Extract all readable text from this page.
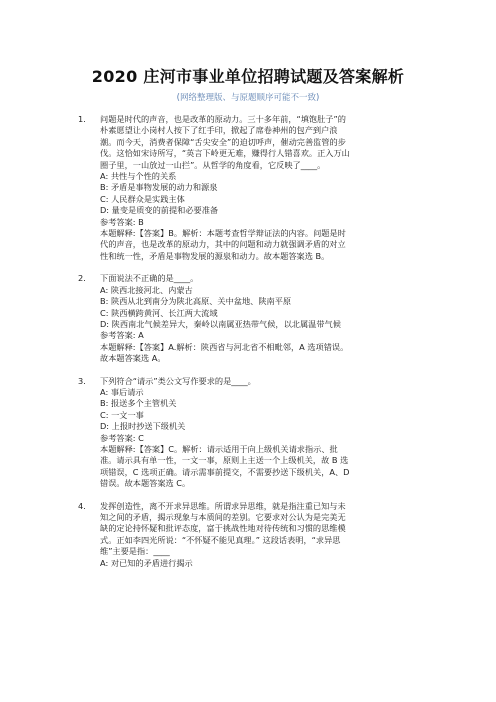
2020 庄河市事业单位招聘试题及答案解析
(网络整理版、与原题顺序可能不一致)
1. 问题是时代的声音，也是改革的原动力。三十多年前，“填饱肚子”的
朴素愿望让小岗村人按下了红手印，掀起了席卷神州的包产到户浪
潮。而今天，消费者保障“舌尖安全”的迫切呼声，催动完善监管的步
伐。这恰如宋诗所写，“英言下岭更无难，赚得行人错喜欢。正入万山
圈子里，一山放过一山拦”。从哲学的角度看，它反映了____。
A: 共性与个性的关系
B: 矛盾是事物发展的动力和源泉
C: 人民群众是实践主体
D: 量变是质变的前提和必要准备
参考答案: B
本题解释:【答案】B。解析：本题考查哲学辩证法的内容。问题是时
代的声音，也是改革的原动力，其中的问题和动力就强调矛盾的对立
性和统一性，矛盾是事物发展的源泉和动力。故本题答案选 B。
2. 下面说法不正确的是____。
A: 陕西北接河北、内蒙古
B: 陕西从北到南分为陕北高原、关中盆地、陕南平原
C: 陕西横跨黄河、长江两大流域
D: 陕西南北气候差异大，秦岭以南属亚热带气候，以北属温带气候
参考答案: A
本题解释:【答案】A.解析：陕西省与河北省不相毗邻，A 选项错误。
故本题答案选 A。
3. 下列符合“请示”类公文写作要求的是____。
A: 事后请示
B: 报送多个主管机关
C: 一文一事
D: 上报时抄送下级机关
参考答案: C
本题解释:【答案】C。解析：请示适用于向上级机关请求指示、批
准。请示具有单一性，一文一事，原则上主送一个上级机关，故 B 选
项错误，C 选项正确。请示需事前提交，不需要抄送下级机关，A、D
错误。故本题答案选 C。
4. 发挥创造性，离不开求异思维。所谓求异思维，就是指注重已知与未
知之间的矛盾，揭示现象与本质间的差别。它要求对公认为是完美无
缺的定论持怀疑和批评态度，富于挑战性地对待传统和习惯的思维模
式。正如李四光所说：“不怀疑不能见真理。” 这段话表明，“求异思
维”主要是指：____
A: 对已知的矛盾进行揭示
